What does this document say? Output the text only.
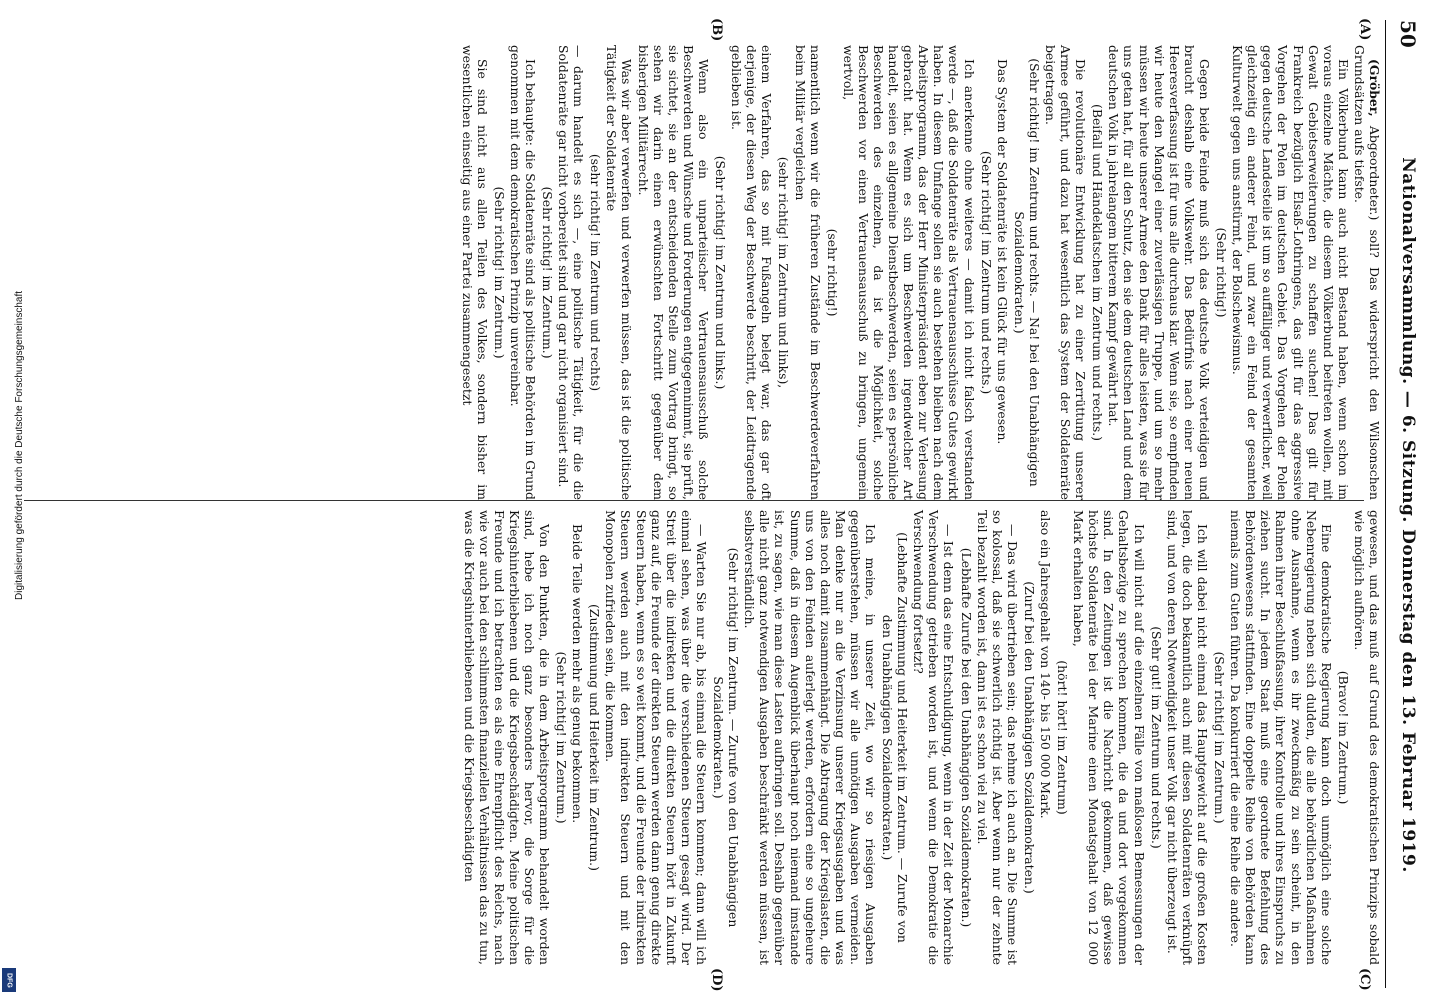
50
Nationalversammlung. — 6. Sitzung. Donnerstag den 13. Februar 1919.
(A)
(B)
(C)
(D)

(Gröber, Abgeordneter.) soll? Das widerspricht den Wilsonschen Grundsätzen aufs tiefste.

Ein Völkerbund kann auch nicht Bestand haben, wenn schon im voraus einzelne Mächte, die diesem Völkerbund beitreten wollen, mit Gewalt Gebietserweiterungen zu schaffen suchen! Das gilt für Frankreich bezüglich Elsaß-Lothringens, das gilt für das aggressive Vorgehen der Polen im deutschen Gebiet. Das Vorgehen der Polen gegen deutsche Landesteile ist um so auffälliger und verwerflicher, weil gleichzeitig ein anderer Feind, und zwar ein Feind der gesamten Kulturwelt gegen uns anstürmt, der Bolschewismus.

(Sehr richtig!)

Gegen beide Feinde muß sich das deutsche Volk verteidigen und braucht deshalb eine Volkswehr. Das Bedürfnis nach einer neuen Heeresverfassung ist für uns alle durchaus klar. Wenn sie, so empfinden wir heute den Mangel einer zuverlässigen Truppe, und um so mehr müssen wir heute unserer Armee den Dank für alles leisten, was sie für uns getan hat, für all den Schutz, den sie dem deutschen Land und dem deutschen Volk in jahrelangem bitterem Kampf gewährt hat.

(Beifall und Händeklatschen im Zentrum und rechts.)

Die revolutionäre Entwicklung hat zu einer Zerrüttung unserer Armee geführt, und dazu hat wesentlich das System der Soldatenräte beigetragen.

(Sehr richtig! im Zentrum und rechts. — Na! bei den Unabhängigen Sozialdemokraten.)

Das System der Soldatenräte ist kein Glück für uns gewesen.

(Sehr richtig! im Zentrum und rechts.)

Ich anerkenne ohne weiteres — damit ich nicht falsch verstanden werde —, daß die Soldatenräte als Vertrauensausschüsse Gutes gewirkt haben. In diesem Umfange sollen sie auch bestehen bleiben nach dem Arbeitsprogramm, das der Herr Ministerpräsident eben zur Verlesung gebracht hat. Wenn es sich um Beschwerden irgendwelcher Art handelt, seien es allgemeine Dienstbeschwerden, seien es persönliche Beschwerden des einzelnen, da ist die Möglichkeit, solche Beschwerden vor einen Vertrauensausschuß zu bringen, ungemein wertvoll,

(sehr richtig!)

namentlich wenn wir die früheren Zustände im Beschwerdeverfahren beim Militär vergleichen

(sehr richtig! im Zentrum und links),

einem Verfahren, das so mit Fußangeln belegt war, das gar oft derjenige, der diesen Weg der Beschwerde beschritt, der Leidtragende geblieben ist.

(Sehr richtig! im Zentrum und links.)

Wenn also ein unparteiischer Vertrauensausschuß solche Beschwerden und Wünsche und Forderungen entgegennimmt, sie prüft, sie sichtet, sie an der entscheidenden Stelle zum Vortrag bringt, so sehen wir darin einen erwünschten Fortschritt gegenüber dem bisherigen Militärrecht.

Was wir aber verwerfen und verwerfen müssen, das ist die politische Tätigkeit der Soldatenräte

(sehr richtig! im Zentrum und rechts)

— darum handelt es sich —, eine politische Tätigkeit, für die die Soldatenräte gar nicht vorbereitet sind und gar nicht organisiert sind.

(Sehr richtig! im Zentrum.)

Ich behaupte: die Soldatenräte sind als politische Behörden im Grund genommen mit dem demokratischen Prinzip unvereinbar.

(Sehr richtig! im Zentrum.)

Sie sind nicht aus allen Teilen des Volkes, sondern bisher im wesentlichen einseitig aus einer Partei zusammengesetzt

gewesen, und das muß auf Grund des demokratischen Prinzips sobald wie möglich aufhören.

(Bravo! im Zentrum.)

Eine demokratische Regierung kann doch unmöglich eine solche Nebenregierung neben sich dulden, die alle behördlichen Maßnahmen ohne Ausnahme, wenn es ihr zweckmäßig zu sein scheint, in den Rahmen ihrer Beschlußfassung, ihrer Kontrolle und ihres Einspruchs zu ziehen sucht. In jedem Staat muß eine geordnete Befehlung des Behördenwesens stattfinden. Eine doppelte Reihe von Behörden kann niemals zum Guten führen. Da konkurriert die eine Reihe die andere.

(Sehr richtig! im Zentrum.)

Ich will dabei nicht einmal das Hauptgewicht auf die großen Kosten legen, die doch bekanntlich auch mit diesen Soldatenräten verknüpft sind, und von deren Notwendigkeit unser Volk gar nicht überzeugt ist.

(Sehr gut! im Zentrum und rechts.)

Ich will nicht auf die einzelnen Fälle von maßlosen Bemessungen der Gehaltsbezüge zu sprechen kommen, die da und dort vorgekommen sind. In den Zeitungen ist die Nachricht gekommen, daß gewisse höchste Soldatenräte bei der Marine einen Monatsgehalt von 12 000 Mark erhalten haben,

(hört! hört! im Zentrum)

also ein Jahresgehalt von 140- bis 150 000 Mark.

(Zuruf bei den Unabhängigen Sozialdemokraten.)

— Das wird übertrieben sein; das nehme ich auch an. Die Summe ist so kolossal, daß sie schwerlich richtig ist. Aber wenn nur der zehnte Teil bezahlt worden ist, dann ist es schon viel zu viel.

(Lebhafte Zurufe bei den Unabhängigen Sozialdemokraten.)

— Ist denn das eine Entschuldigung, wenn in der Zeit der Monarchie Verschwendung getrieben worden ist, und wenn die Demokratie die Verschwendung fortsetzt?

(Lebhafte Zustimmung und Heiterkeit im Zentrum. — Zurufe von den Unabhängigen Sozialdemokraten.)

Ich meine, in unserer Zeit, wo wir so riesigen Ausgaben gegenüberstehen, müssen wir alle unnötigen Ausgaben vermeiden. Man denke nur an die Verzinsung unserer Kriegsausgaben und was alles noch damit zusammenhängt. Die Abtragung der Kriegslasten, die uns von den Feinden auferlegt werden, erfordern eine so ungeheure Summe, daß in diesem Augenblick überhaupt noch niemand imstande ist, zu sagen, wie man diese Lasten aufbringen soll. Deshalb gegenüber alle nicht ganz notwendigen Ausgaben beschränkt werden müssen, ist selbstverständlich.

(Sehr richtig! im Zentrum. — Zurufe von den Unabhängigen Sozialdemokraten.)

— Warten Sie nur ab, bis einmal die Steuern kommen; dann will ich einmal sehen, was über die verschiedenen Steuern gesagt wird. Der Streit über die indirekten und die direkten Steuern hört in Zukunft ganz auf, die Freunde der direkten Steuern werden dann genug direkte Steuern haben, wenn es so weit kommt, und die Freunde der indirekten Steuern werden auch mit den indirekten Steuern und mit den Monopolen zufrieden sein, die kommen.

(Zustimmung und Heiterkeit im Zentrum.)

Beide Teile werden mehr als genug bekommen.

(Sehr richtig! im Zentrum.)

Von den Punkten, die in dem Arbeitsprogramm behandelt worden sind, hebe ich noch ganz besonders hervor, die Sorge für die Kriegshinterbliebenen und die Kriegsbeschädigten. Meine politischen Freunde und ich betrachten es als eine Ehrenpflicht des Reichs, nach wie vor auch bei den schlimmsten finanziellen Verhältnissen das zu tun, was die Kriegshinterbliebenen und die Kriegsbeschädigten

Digitalisierung gefördert durch die Deutsche Forschungsgemeinschaft
DFG
